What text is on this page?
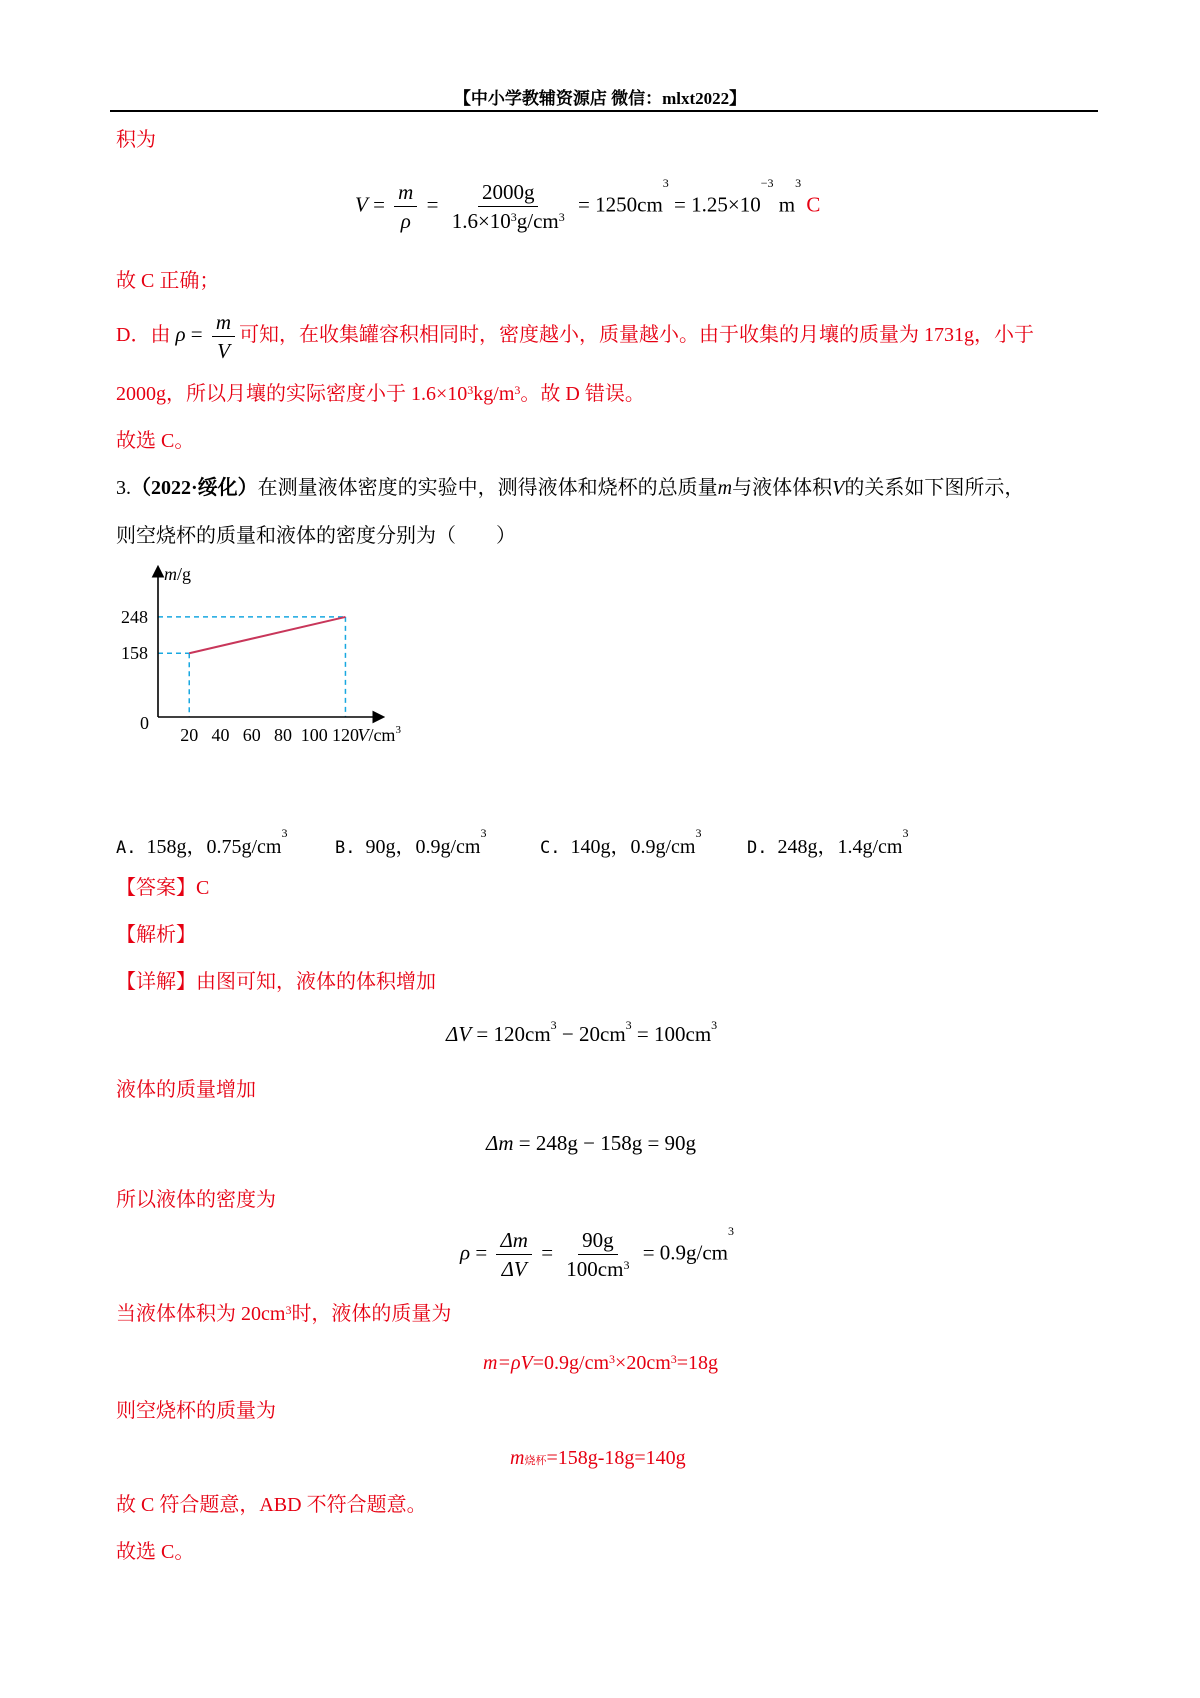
【中小学教辅资源店 微信：mlxt2022】
积为
$V = \frac{m}{\rho} = \frac{2000g}{1.6\times 10^3g/cm^3} = 1250cm^3 = 1.25\times 10^{-3}$ $m^3$ C
故 C 正确；
D．由 $\rho = \frac{m}{V}$ 可知，在收集罐容积相同时，密度越小，质量越小。由于收集的月壤的质量为 1731g，小于
2000g，所以月壤的实际密度小于 $1.6\times 10^3kg/m^3$。故 D 错误。
故选 C。
3.（2022·绥化）在测量液体密度的实验中，测得液体和烧杯的总质量m与液体体积V的关系如下图所示，
则空烧杯的质量和液体的密度分别为（　　）
20 40 60 80 100 120
158
248
m/g
$V/cm^3$
0
A. 158g，$0.75g/cm^3$
B. 90g，$0.9g/cm^3$
C. 140g，$0.9g/cm^3$
D. 248g，$1.4g/cm^3$
【答案】C
【解析】
【详解】由图可知，液体的体积增加
$\Delta V = 120cm^3 - 20cm^3 = 100cm^3$
液体的质量增加
Δm = 248g − 158g = 90g
所以液体的密度为
$\rho = \frac{\Delta m}{\Delta V} = \frac{90g}{100cm^3} = 0.9g/cm^3$
当液体体积为 $20cm^3$时，液体的质量为
$m=\rho V=0.9g/cm^3\times 20cm^3=18g$
则空烧杯的质量为
m烧杯=158g-18g=140g
故 C 符合题意，ABD 不符合题意。
故选 C。
